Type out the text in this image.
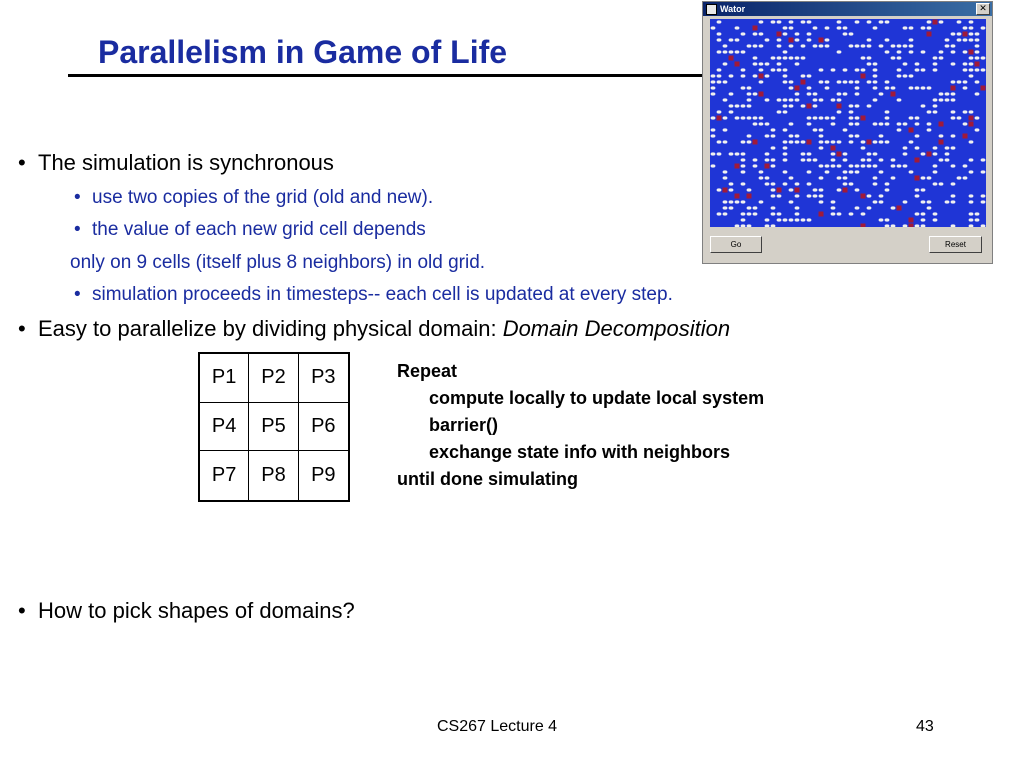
Parallelism in Game of Life
• The simulation is synchronous
• use two copies of the grid (old and new).
• the value of each new grid cell depends
only on 9 cells (itself plus 8 neighbors) in old grid.
• simulation proceeds in timesteps-- each cell is updated at every step.
• Easy to parallelize by dividing physical domain: Domain Decomposition
P1	P2	P3
P4	P5	P6
P7	P8	P9
Repeat
compute locally to update local system
barrier()
exchange state info with neighbors
until done simulating
• How to pick shapes of domains?
CS267 Lecture 4	43
Wator	✕
Go	Reset
